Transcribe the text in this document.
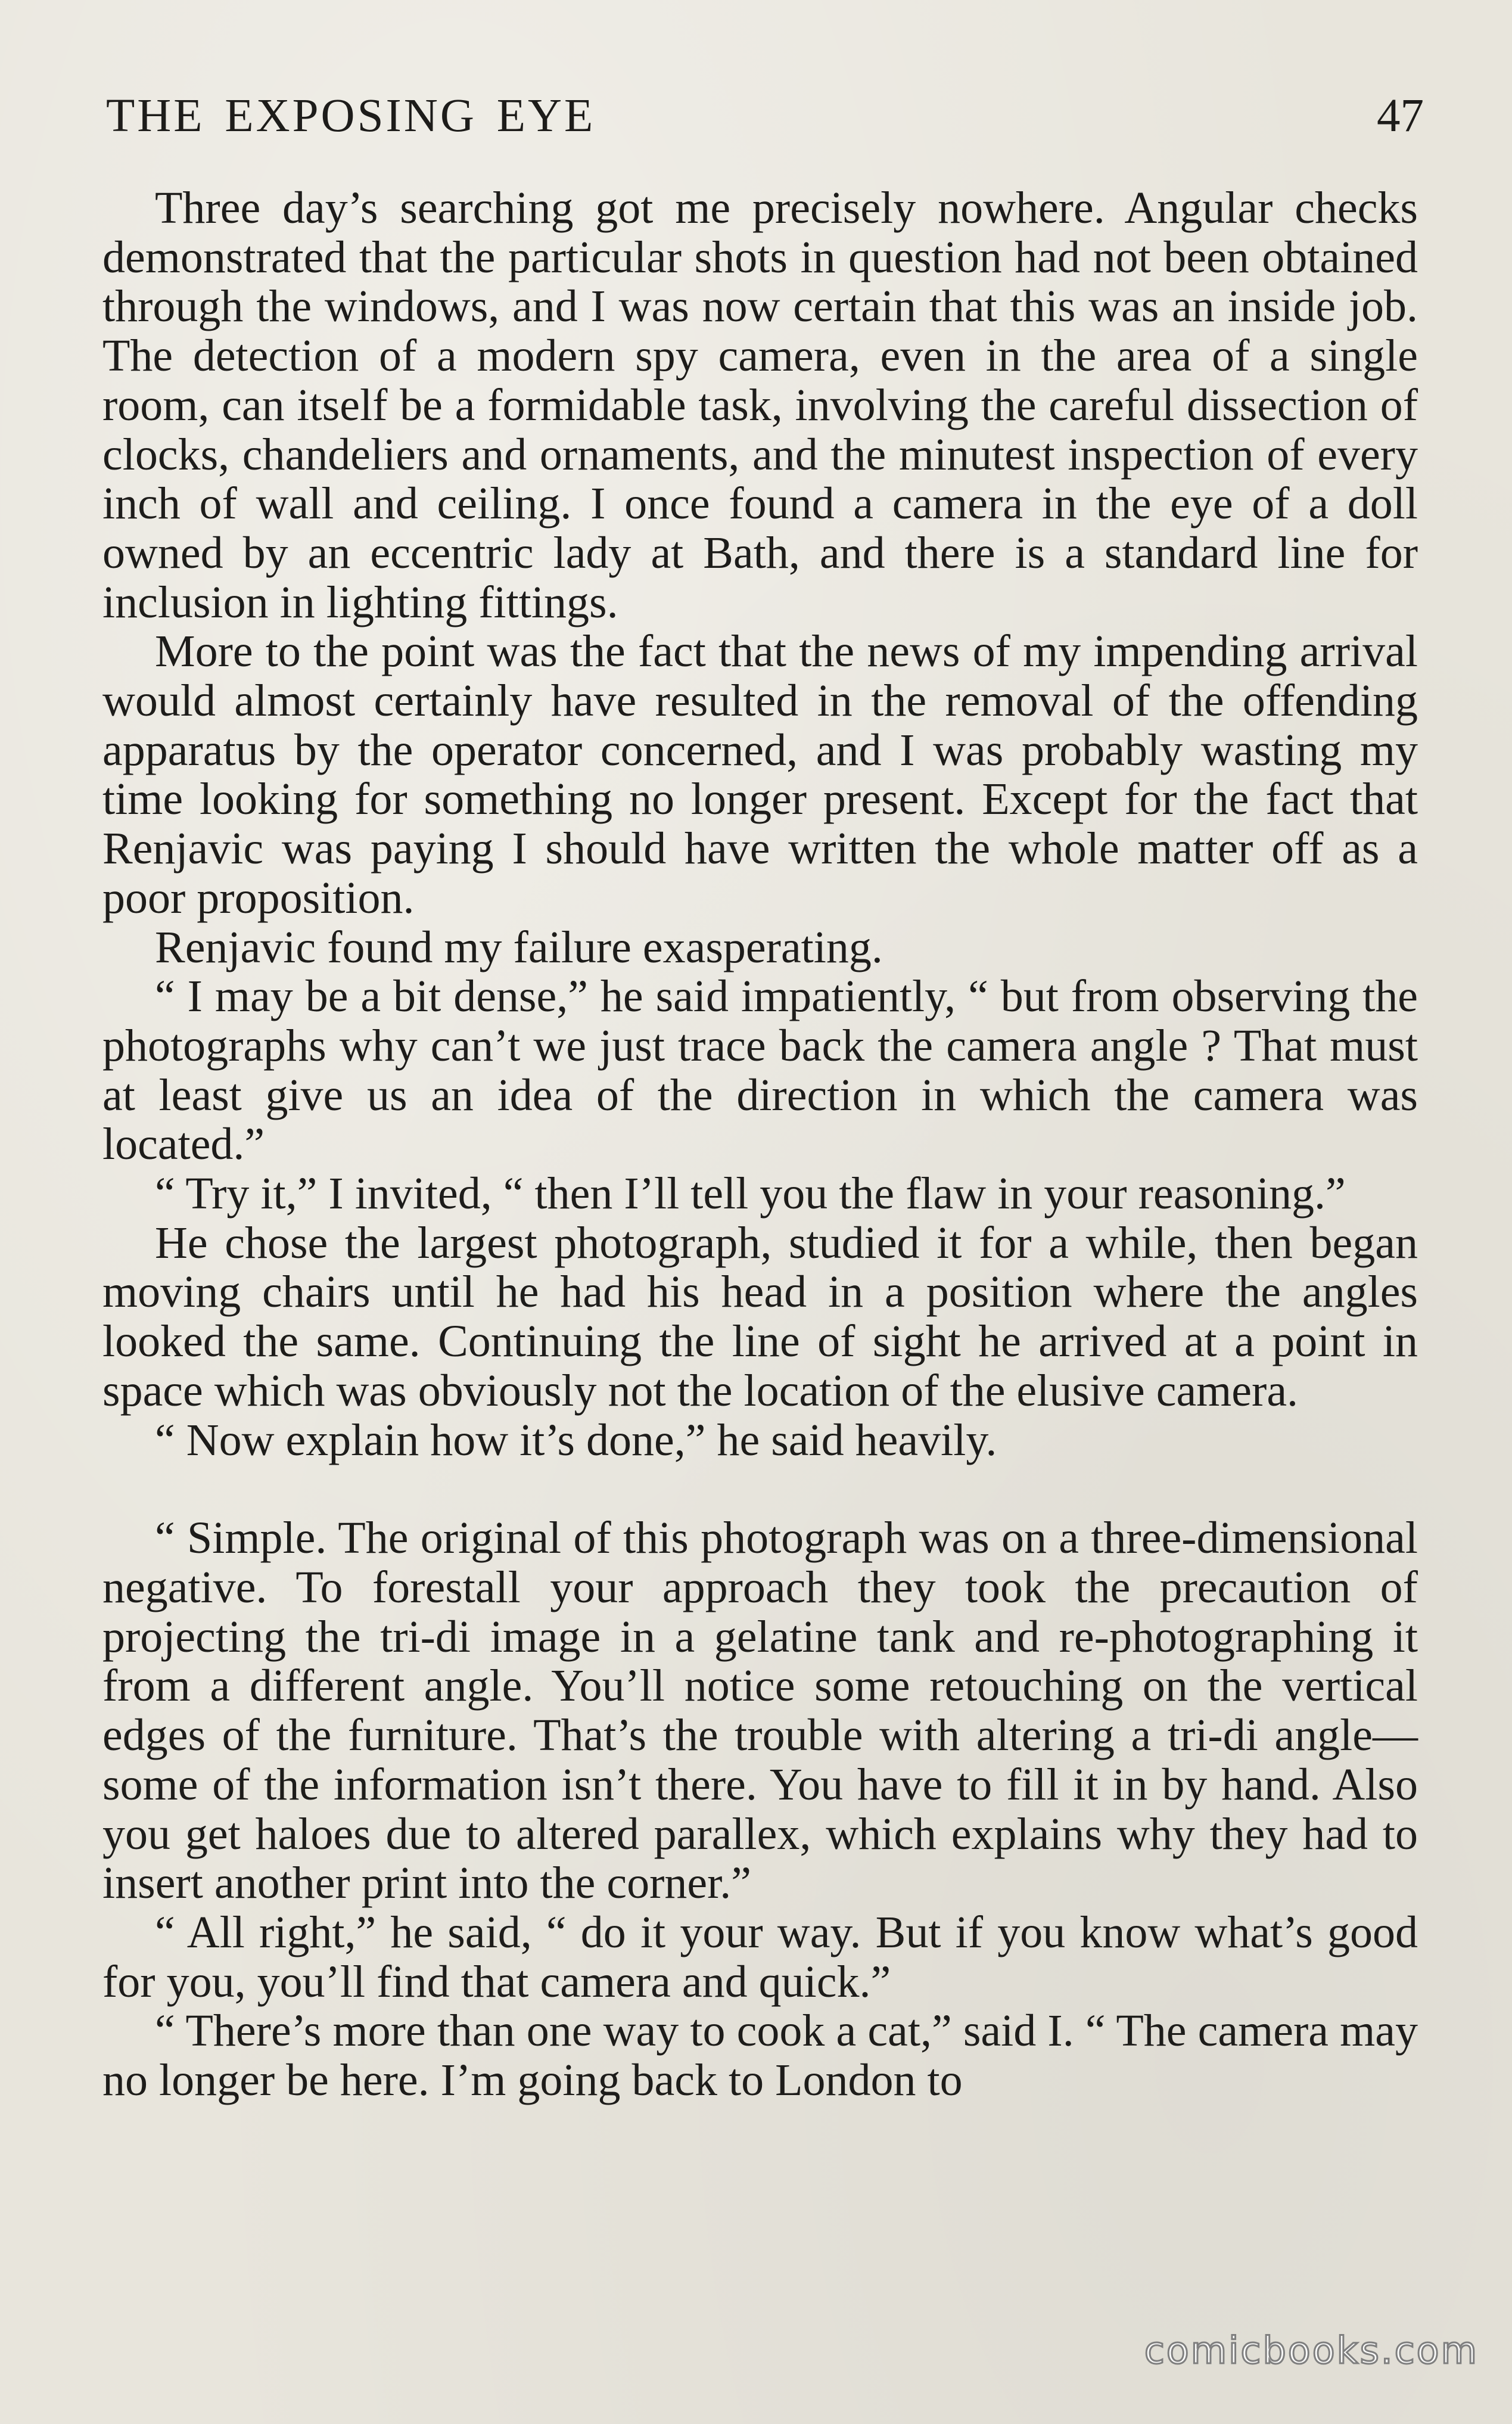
THE EXPOSING EYE	47

Three day’s searching got me precisely nowhere. Angular checks demonstrated that the particular shots in question had not been obtained through the windows, and I was now certain that this was an inside job. The detection of a modern spy camera, even in the area of a single room, can itself be a formidable task, involving the careful dissection of clocks, chandeliers and ornaments, and the minutest inspection of every inch of wall and ceiling. I once found a camera in the eye of a doll owned by an eccentric lady at Bath, and there is a standard line for inclusion in lighting fittings.

More to the point was the fact that the news of my impending arrival would almost certainly have resulted in the removal of the offending apparatus by the operator concerned, and I was probably wasting my time looking for something no longer present. Except for the fact that Renjavic was paying I should have written the whole matter off as a poor proposition.

Renjavic found my failure exasperating.

“ I may be a bit dense,” he said impatiently, “ but from observing the photographs why can’t we just trace back the camera angle ? That must at least give us an idea of the direction in which the camera was located.”

“ Try it,” I invited, “ then I’ll tell you the flaw in your reasoning.”

He chose the largest photograph, studied it for a while, then began moving chairs until he had his head in a position where the angles looked the same. Continuing the line of sight he arrived at a point in space which was obviously not the location of the elusive camera.

“ Now explain how it’s done,” he said heavily.

“ Simple. The original of this photograph was on a three-dimensional negative. To forestall your approach they took the precaution of projecting the tri-di image in a gelatine tank and re-photographing it from a different angle. You’ll notice some retouching on the vertical edges of the furniture. That’s the trouble with altering a tri-di angle—some of the information isn’t there. You have to fill it in by hand. Also you get haloes due to altered parallex, which explains why they had to insert another print into the corner.”

“ All right,” he said, “ do it your way. But if you know what’s good for you, you’ll find that camera and quick.”

“ There’s more than one way to cook a cat,” said I. “ The camera may no longer be here. I’m going back to London to

comicbooks.com
